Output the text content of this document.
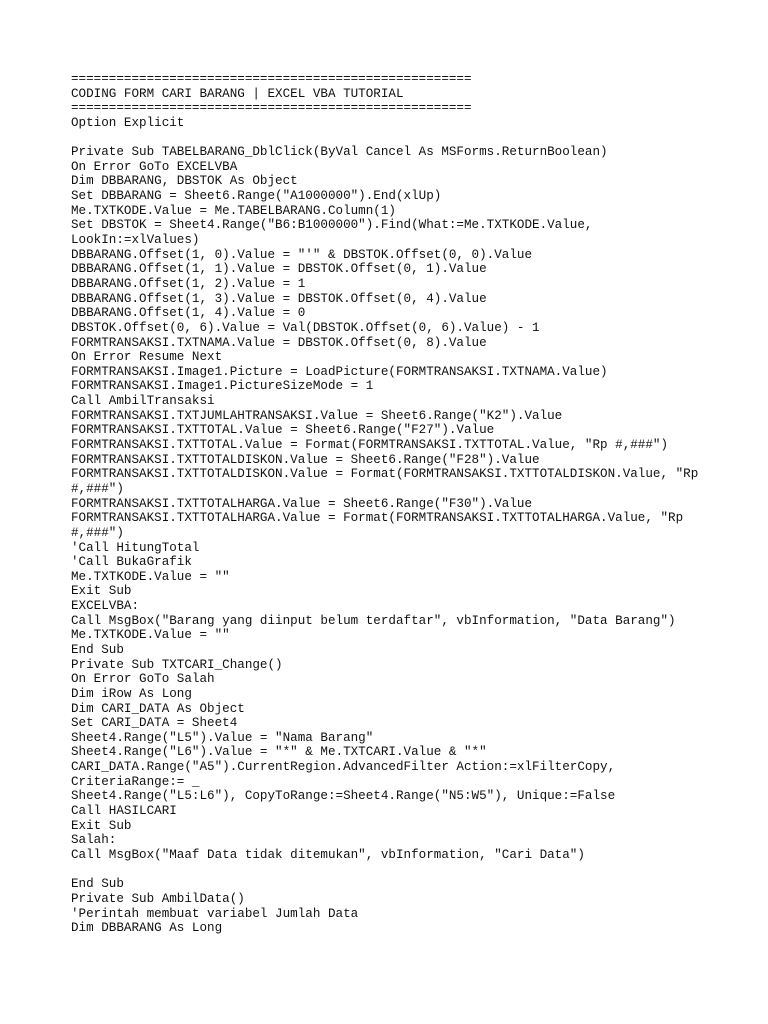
=====================================================
CODING FORM CARI BARANG | EXCEL VBA TUTORIAL
=====================================================
Option Explicit
Private Sub TABELBARANG_DblClick(ByVal Cancel As MSForms.ReturnBoolean)
On Error GoTo EXCELVBA
Dim DBBARANG, DBSTOK As Object
Set DBBARANG = Sheet6.Range("A1000000").End(xlUp)
Me.TXTKODE.Value = Me.TABELBARANG.Column(1)
Set DBSTOK = Sheet4.Range("B6:B1000000").Find(What:=Me.TXTKODE.Value,
LookIn:=xlValues)
DBBARANG.Offset(1, 0).Value = "'" & DBSTOK.Offset(0, 0).Value
DBBARANG.Offset(1, 1).Value = DBSTOK.Offset(0, 1).Value
DBBARANG.Offset(1, 2).Value = 1
DBBARANG.Offset(1, 3).Value = DBSTOK.Offset(0, 4).Value
DBBARANG.Offset(1, 4).Value = 0
DBSTOK.Offset(0, 6).Value = Val(DBSTOK.Offset(0, 6).Value) - 1
FORMTRANSAKSI.TXTNAMA.Value = DBSTOK.Offset(0, 8).Value
On Error Resume Next
FORMTRANSAKSI.Image1.Picture = LoadPicture(FORMTRANSAKSI.TXTNAMA.Value)
FORMTRANSAKSI.Image1.PictureSizeMode = 1
Call AmbilTransaksi
FORMTRANSAKSI.TXTJUMLAHTRANSAKSI.Value = Sheet6.Range("K2").Value
FORMTRANSAKSI.TXTTOTAL.Value = Sheet6.Range("F27").Value
FORMTRANSAKSI.TXTTOTAL.Value = Format(FORMTRANSAKSI.TXTTOTAL.Value, "Rp #,###")
FORMTRANSAKSI.TXTTOTALDISKON.Value = Sheet6.Range("F28").Value
FORMTRANSAKSI.TXTTOTALDISKON.Value = Format(FORMTRANSAKSI.TXTTOTALDISKON.Value, "Rp
#,###")
FORMTRANSAKSI.TXTTOTALHARGA.Value = Sheet6.Range("F30").Value
FORMTRANSAKSI.TXTTOTALHARGA.Value = Format(FORMTRANSAKSI.TXTTOTALHARGA.Value, "Rp
#,###")
'Call HitungTotal
'Call BukaGrafik
Me.TXTKODE.Value = ""
Exit Sub
EXCELVBA:
Call MsgBox("Barang yang diinput belum terdaftar", vbInformation, "Data Barang")
Me.TXTKODE.Value = ""
End Sub
Private Sub TXTCARI_Change()
On Error GoTo Salah
Dim iRow As Long
Dim CARI_DATA As Object
Set CARI_DATA = Sheet4
Sheet4.Range("L5").Value = "Nama Barang"
Sheet4.Range("L6").Value = "*" & Me.TXTCARI.Value & "*"
CARI_DATA.Range("A5").CurrentRegion.AdvancedFilter Action:=xlFilterCopy,
CriteriaRange:= _
Sheet4.Range("L5:L6"), CopyToRange:=Sheet4.Range("N5:W5"), Unique:=False
Call HASILCARI
Exit Sub
Salah:
Call MsgBox("Maaf Data tidak ditemukan", vbInformation, "Cari Data")
End Sub
Private Sub AmbilData()
'Perintah membuat variabel Jumlah Data
Dim DBBARANG As Long
